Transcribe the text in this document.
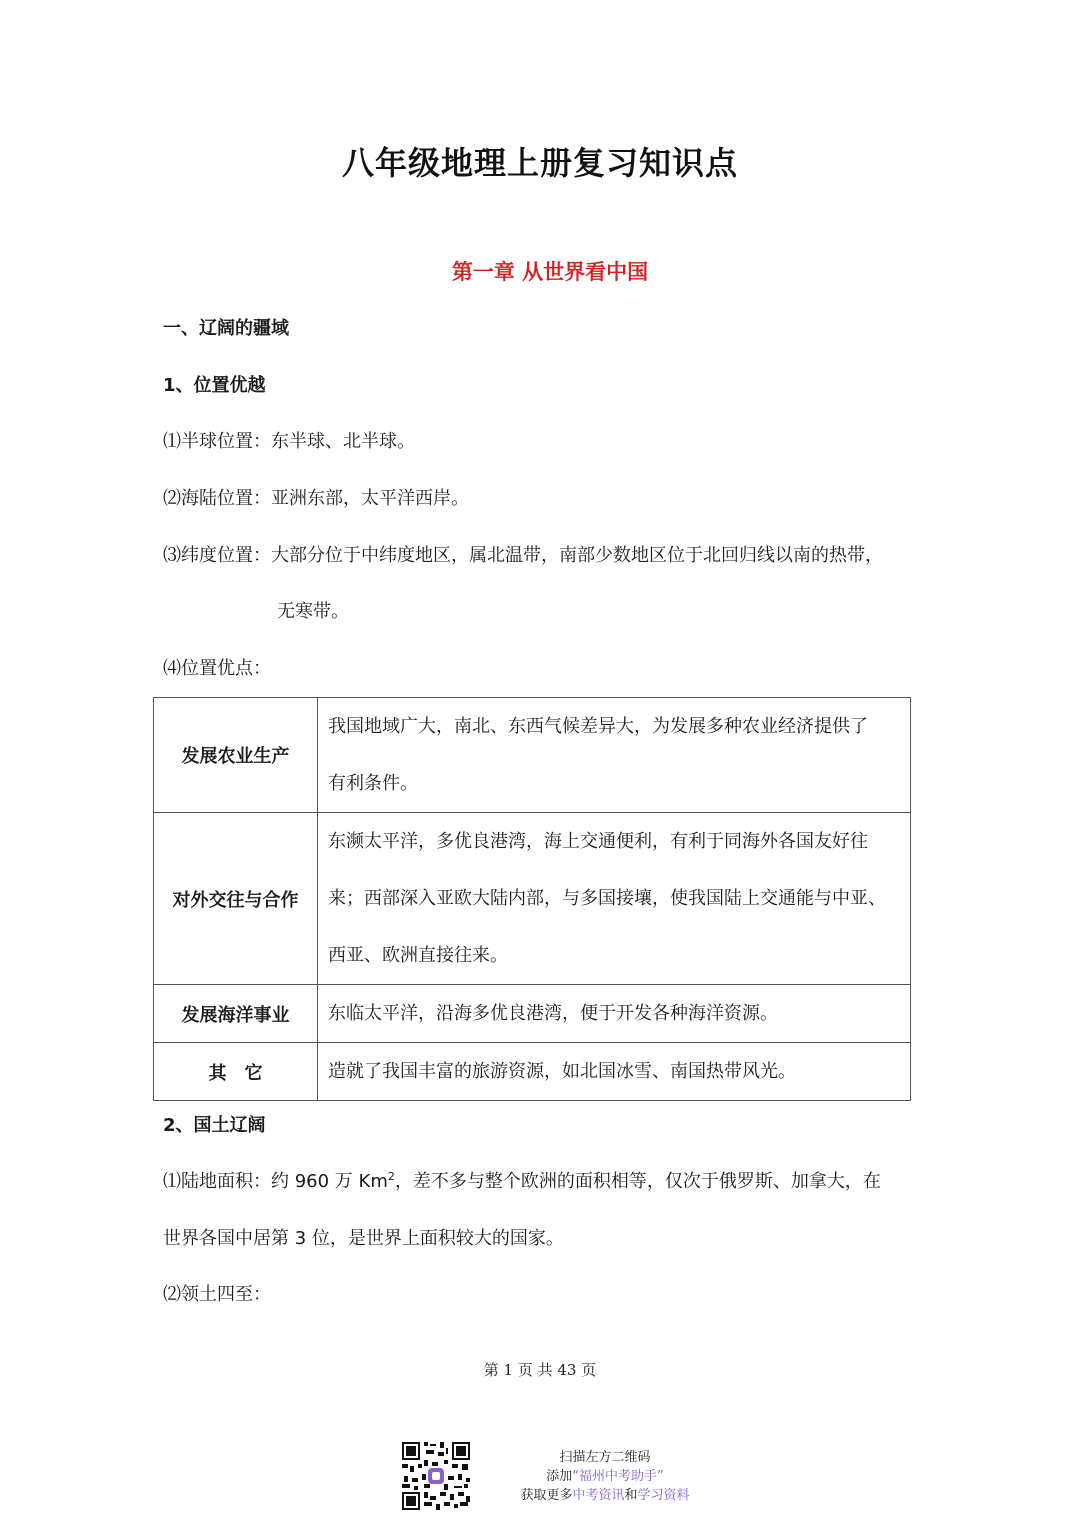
八年级地理上册复习知识点
第一章 从世界看中国
一、辽阔的疆域
1、位置优越
⑴半球位置：东半球、北半球。
⑵海陆位置：亚洲东部，太平洋西岸。
⑶纬度位置：大部分位于中纬度地区，属北温带，南部少数地区位于北回归线以南的热带，
无寒带。
⑷位置优点：
发展农业生产	我国地域广大，南北、东西气候差异大，为发展多种农业经济提供了
有利条件。

对外交往与合作	东濒太平洋，多优良港湾，海上交通便利，有利于同海外各国友好往
来；西部深入亚欧大陆内部，与多国接壤，使我国陆上交通能与中亚、
西亚、欧洲直接往来。

发展海洋事业	东临太平洋，沿海多优良港湾，便于开发各种海洋资源。

其　它	造就了我国丰富的旅游资源，如北国冰雪、南国热带风光。
2、国土辽阔
⑴陆地面积：约 960 万 Km$^2$，差不多与整个欧洲的面积相等，仅次于俄罗斯、加拿大，在
世界各国中居第 3 位，是世界上面积较大的国家。
⑵领土四至：
第 1 页 共 43 页
扫描左方二维码
添加“福州中考助手”
获取更多中考资讯和学习资料
